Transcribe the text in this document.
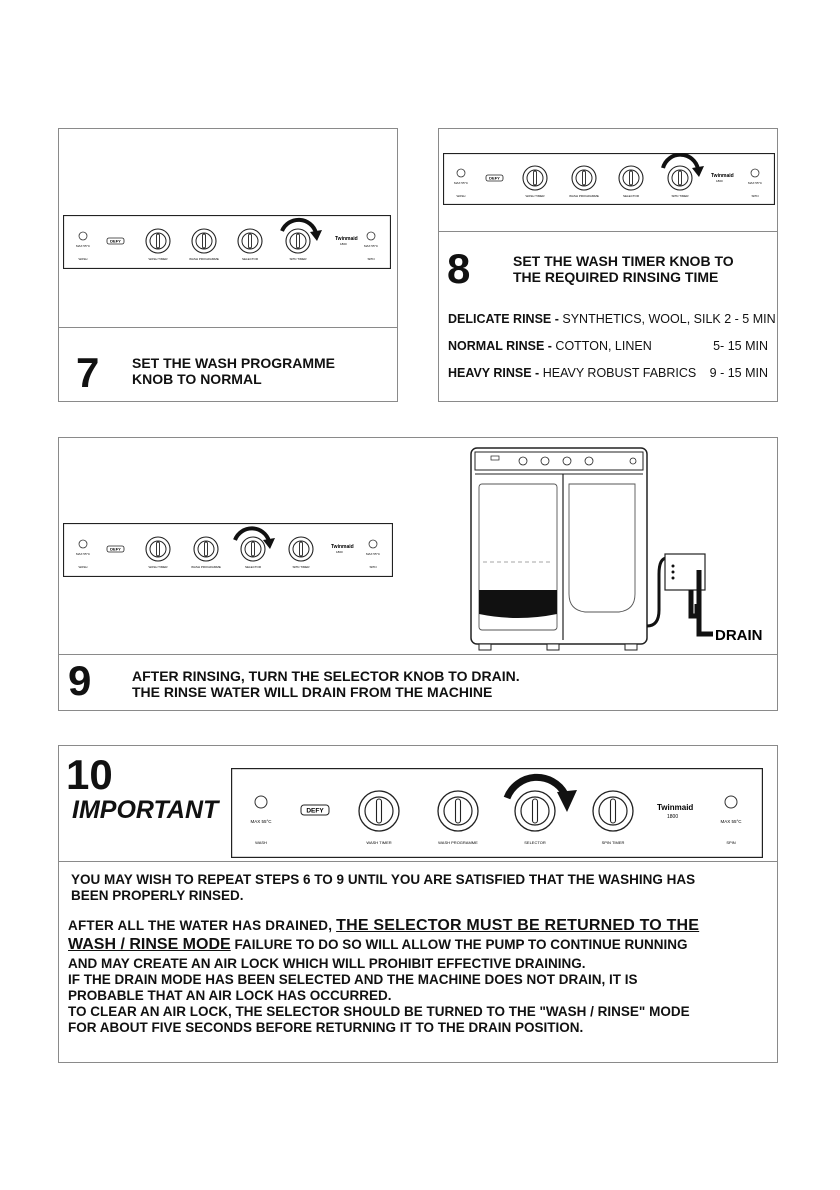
MAX 55°C
WASH
DEFY
WASH TIMER	WASH PROGRAMME	SELECTOR	SPIN TIMER
Twinmaid
1800	MAX 55°C
SPIN
7 SET THE WASH PROGRAMME
KNOB TO NORMAL
MAX 55°C
WASH
DEFY
WASH TIMER	WASH PROGRAMME	SELECTOR	SPIN TIMER
Twinmaid
1800	MAX 55°C
SPIN
8	SET THE WASH TIMER KNOB TO
THE REQUIRED RINSING TIME
DELICATE RINSE - SYNTHETICS, WOOL, SILK 2 - 5 MIN
NORMAL RINSE - COTTON, LINEN	5- 15 MIN
HEAVY RINSE - HEAVY ROBUST FABRICS 9 - 15 MIN
MAX 55°C
WASH
DEFY
WASH TIMER	WASH PROGRAMME	SELECTOR	SPIN TIMER
Twinmaid
1800	MAX 55°C
SPIN
DRAIN
9	AFTER RINSING, TURN THE SELECTOR KNOB TO DRAIN.
THE RINSE WATER WILL DRAIN FROM THE MACHINE
10
IMPORTANT	MAX 55°C
WASH
DEFY
WASH TIMER	WASH PROGRAMME	SELECTOR	SPIN TIMER
Twinmaid
1800
MAX 55°C
SPIN
YOU MAY WISH TO REPEAT STEPS 6 TO 9 UNTIL YOU ARE SATISFIED THAT THE WASHING HAS
BEEN PROPERLY RINSED.
AFTER ALL THE WATER HAS DRAINED, THE SELECTOR MUST BE RETURNED TO THE
WASH / RINSE MODE FAILURE TO DO SO WILL ALLOW THE PUMP TO CONTINUE RUNNING
AND MAY CREATE AN AIR LOCK WHICH WILL PROHIBIT EFFECTIVE DRAINING.
IF THE DRAIN MODE HAS BEEN SELECTED AND THE MACHINE DOES NOT DRAIN, IT IS
PROBABLE THAT AN AIR LOCK HAS OCCURRED.
TO CLEAR AN AIR LOCK, THE SELECTOR SHOULD BE TURNED TO THE "WASH / RINSE" MODE
FOR ABOUT FIVE SECONDS BEFORE RETURNING IT TO THE DRAIN POSITION.
